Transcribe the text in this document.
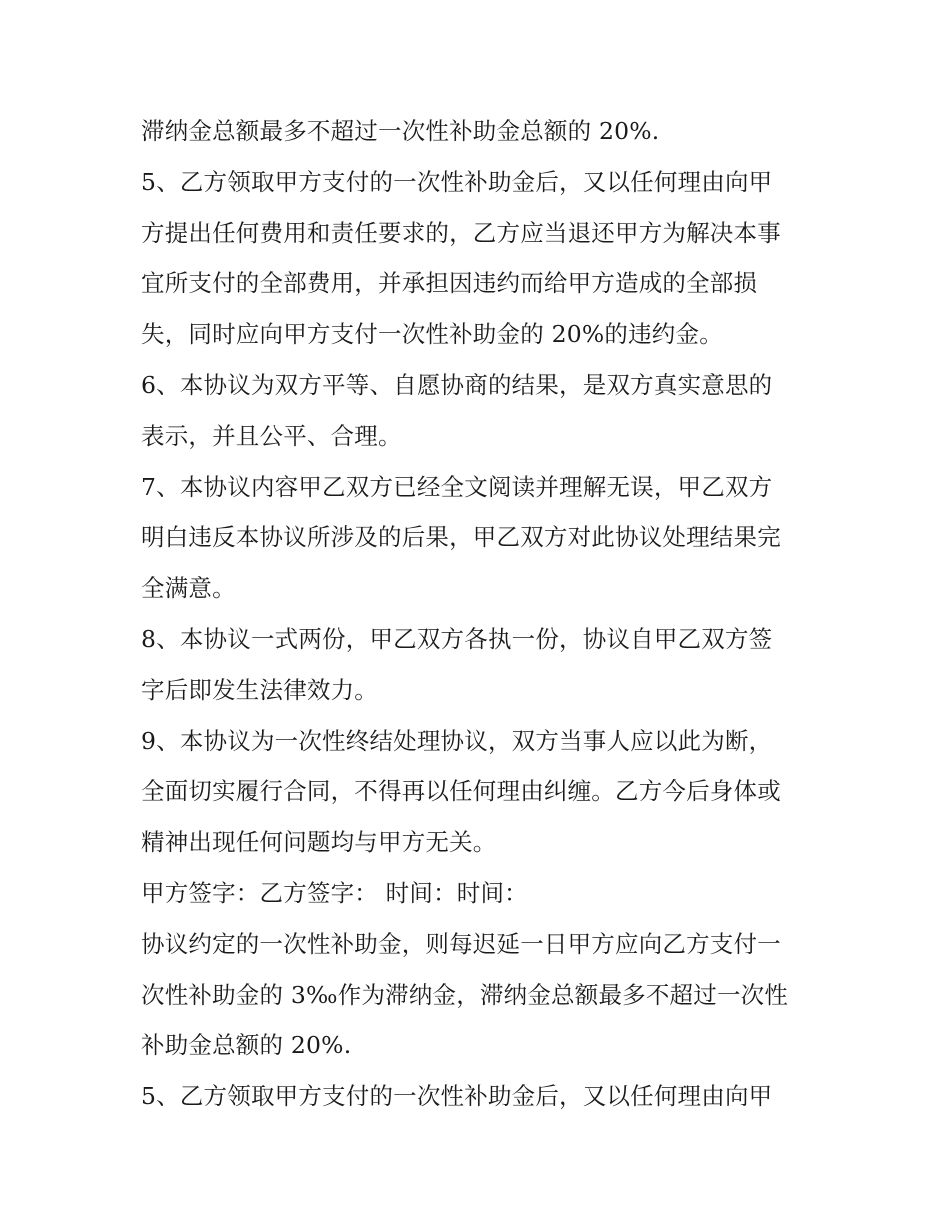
滞纳金总额最多不超过一次性补助金总额的 20%.
5、乙方领取甲方支付的一次性补助金后，又以任何理由向甲
方提出任何费用和责任要求的，乙方应当退还甲方为解决本事
宜所支付的全部费用，并承担因违约而给甲方造成的全部损
失，同时应向甲方支付一次性补助金的 20%的违约金。
6、本协议为双方平等、自愿协商的结果，是双方真实意思的
表示，并且公平、合理。
7、本协议内容甲乙双方已经全文阅读并理解无误，甲乙双方
明白违反本协议所涉及的后果，甲乙双方对此协议处理结果完
全满意。
8、本协议一式两份，甲乙双方各执一份，协议自甲乙双方签
字后即发生法律效力。
9、本协议为一次性终结处理协议，双方当事人应以此为断，
全面切实履行合同，不得再以任何理由纠缠。乙方今后身体或
精神出现任何问题均与甲方无关。
甲方签字：乙方签字： 时间：时间：
协议约定的一次性补助金，则每迟延一日甲方应向乙方支付一
次性补助金的 3‰作为滞纳金，滞纳金总额最多不超过一次性
补助金总额的 20%.
5、乙方领取甲方支付的一次性补助金后，又以任何理由向甲
